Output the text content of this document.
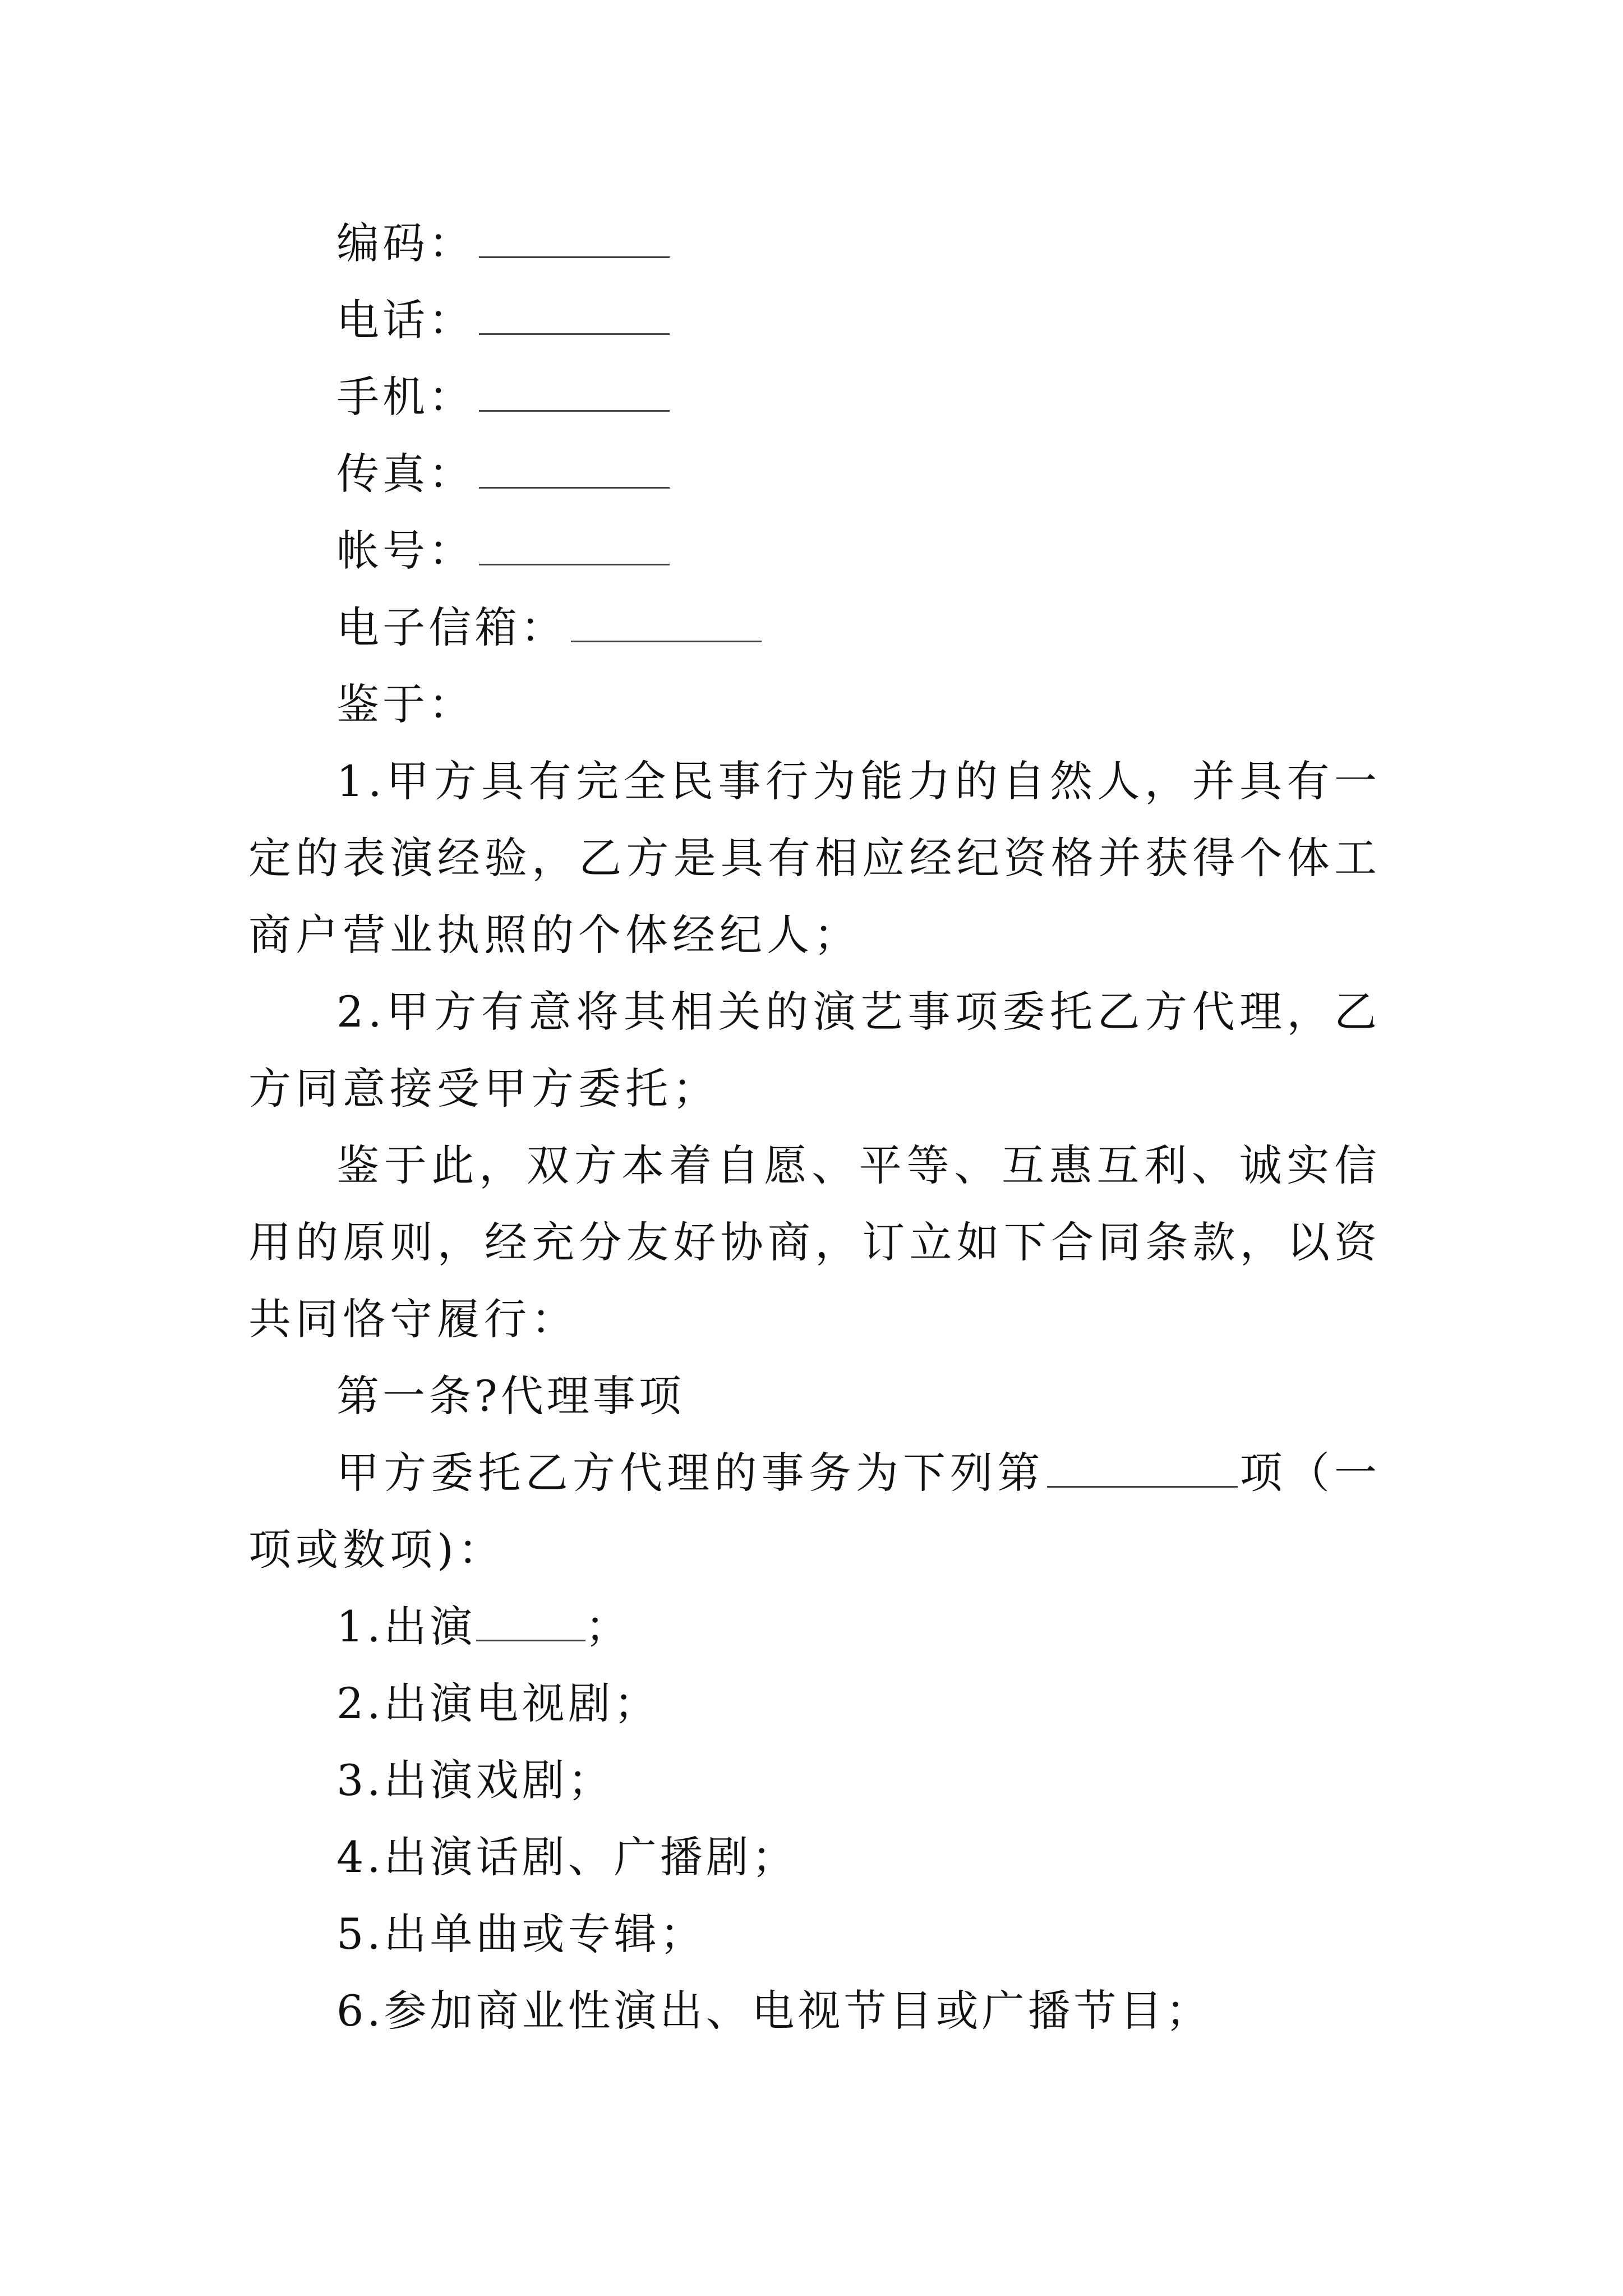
编码：
电话：
手机：
传真：
帐号：
电子信箱：
鉴于：
1.甲方具有完全民事行为能力的自然人，并具有一定的表演经验，乙方是具有相应经纪资格并获得个体工商户营业执照的个体经纪人；
2.甲方有意将其相关的演艺事项委托乙方代理，乙方同意接受甲方委托；
鉴于此，双方本着自愿、平等、互惠互利、诚实信用的原则，经充分友好协商，订立如下合同条款，以资共同恪守履行：
第一条?代理事项
甲方委托乙方代理的事务为下列第	项（一项或数项)：
1.出演	；
2.出演电视剧；
3.出演戏剧；
4.出演话剧、广播剧；
5.出单曲或专辑；
6.参加商业性演出、电视节目或广播节目；
